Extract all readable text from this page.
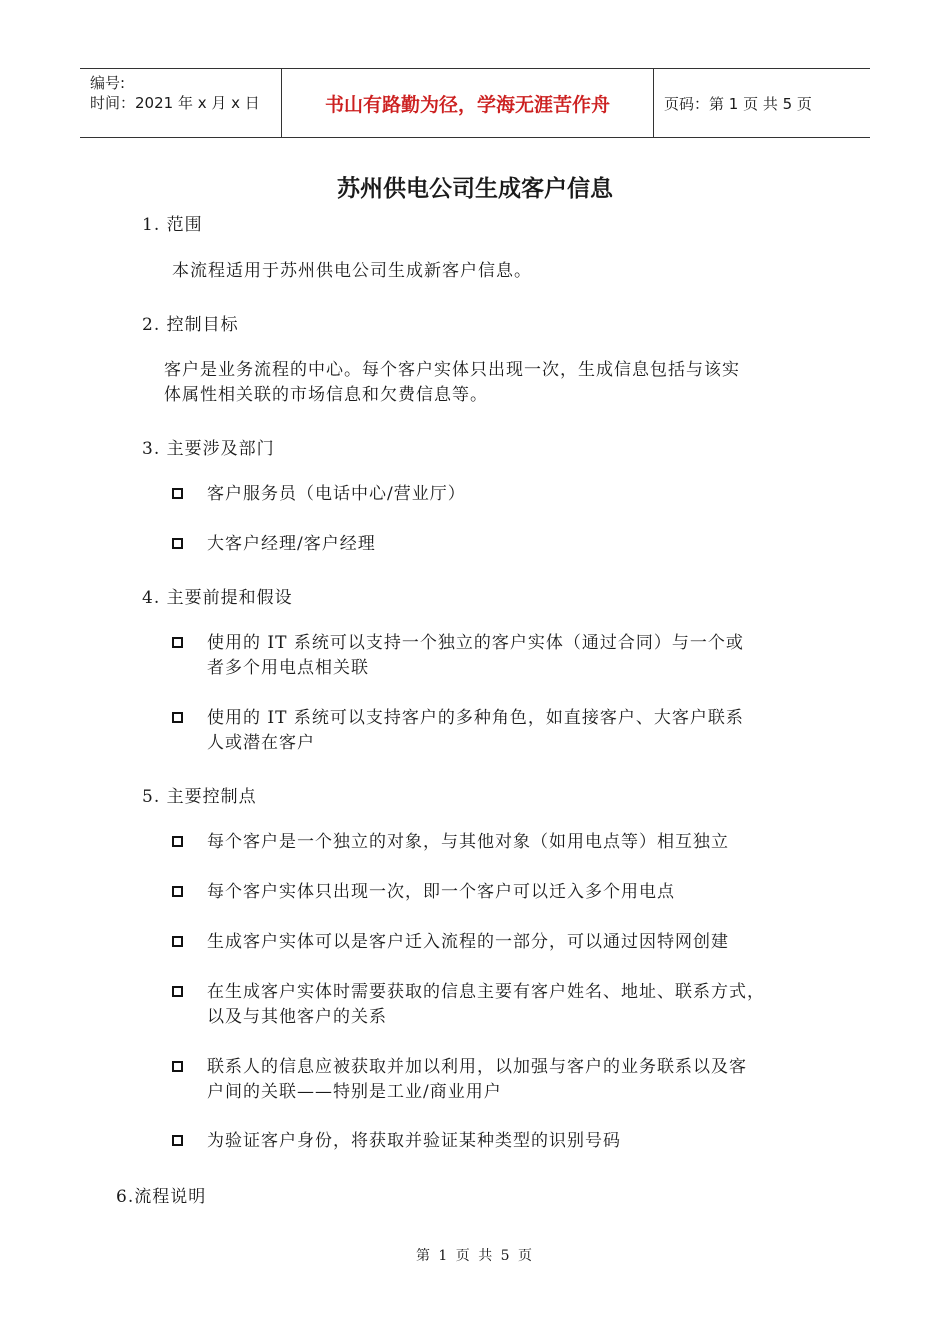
编号:
时间：2021 年 x 月 x 日	书山有路勤为径，学海无涯苦作舟	页码：第 1 页 共 5 页
苏州供电公司生成客户信息
1. 范围
本流程适用于苏州供电公司生成新客户信息。
2. 控制目标
客户是业务流程的中心。每个客户实体只出现一次，生成信息包括与该实
体属性相关联的市场信息和欠费信息等。
3. 主要涉及部门
客户服务员（电话中心/营业厅）
大客户经理/客户经理
4. 主要前提和假设
使用的 IT 系统可以支持一个独立的客户实体（通过合同）与一个或
者多个用电点相关联
使用的 IT 系统可以支持客户的多种角色，如直接客户、大客户联系
人或潜在客户
5. 主要控制点
每个客户是一个独立的对象，与其他对象（如用电点等）相互独立
每个客户实体只出现一次，即一个客户可以迁入多个用电点
生成客户实体可以是客户迁入流程的一部分，可以通过因特网创建
在生成客户实体时需要获取的信息主要有客户姓名、地址、联系方式，
以及与其他客户的关系
联系人的信息应被获取并加以利用，以加强与客户的业务联系以及客
户间的关联——特别是工业/商业用户
为验证客户身份，将获取并验证某种类型的识别号码
6.流程说明
第 1 页 共 5 页
